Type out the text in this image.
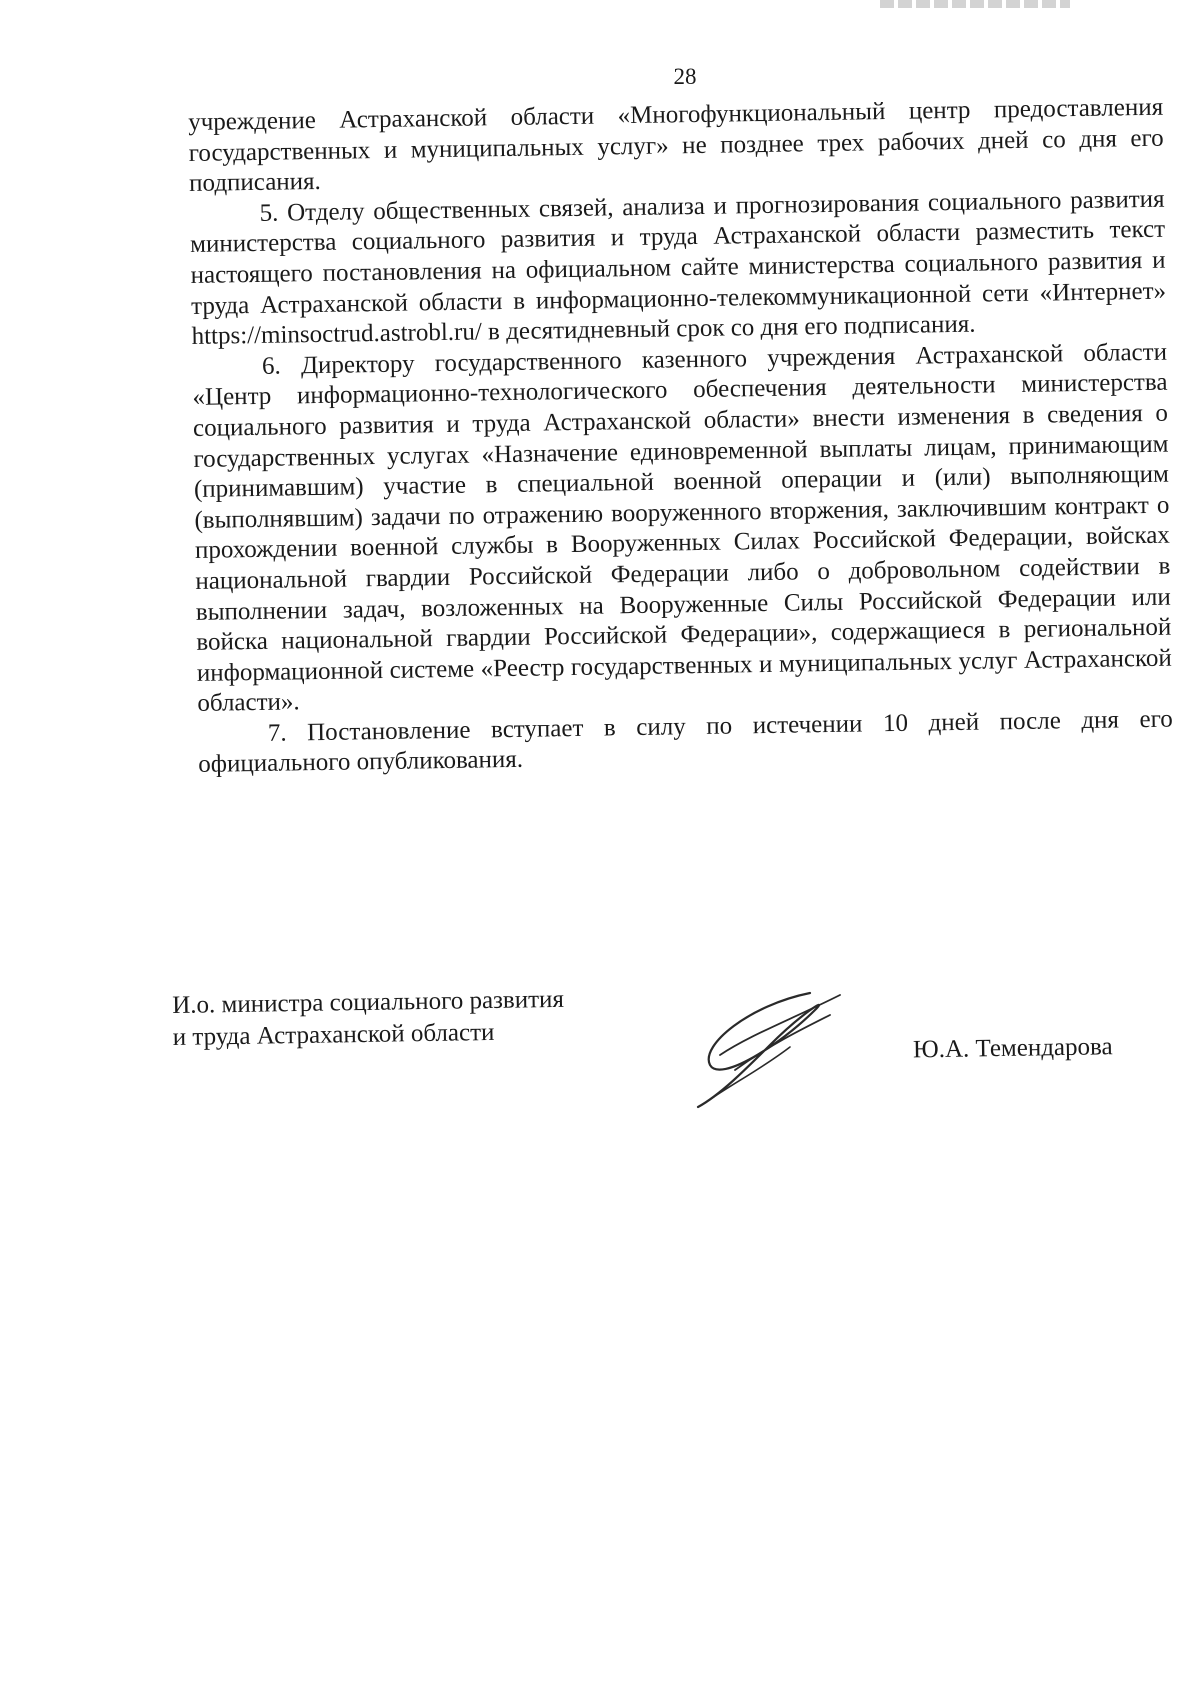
28

учреждение Астраханской области «Многофункциональный центр предоставления государственных и муниципальных услуг» не позднее трех рабочих дней со дня его подписания.

5. Отделу общественных связей, анализа и прогнозирования социального развития министерства социального развития и труда Астраханской области разместить текст настоящего постановления на официальном сайте министерства социального развития и труда Астраханской области в информационно-телекоммуникационной сети «Интернет» https://minsoctrud.astrobl.ru/ в десятидневный срок со дня его подписания.

6. Директору государственного казенного учреждения Астраханской области «Центр информационно-технологического обеспечения деятельности министерства социального развития и труда Астраханской области» внести изменения в сведения о государственных услугах «Назначение единовременной выплаты лицам, принимающим (принимавшим) участие в специальной военной операции и (или) выполняющим (выполнявшим) задачи по отражению вооруженного вторжения, заключившим контракт о прохождении военной службы в Вооруженных Силах Российской Федерации, войсках национальной гвардии Российской Федерации либо о добровольном содействии в выполнении задач, возложенных на Вооруженные Силы Российской Федерации или войска национальной гвардии Российской Федерации», содержащиеся в региональной информационной системе «Реестр государственных и муниципальных услуг Астраханской области».

7. Постановление вступает в силу по истечении 10 дней после дня его официального опубликования.

И.о. министра социального развития

и труда Астраханской области	Ю.А. Темендарова
